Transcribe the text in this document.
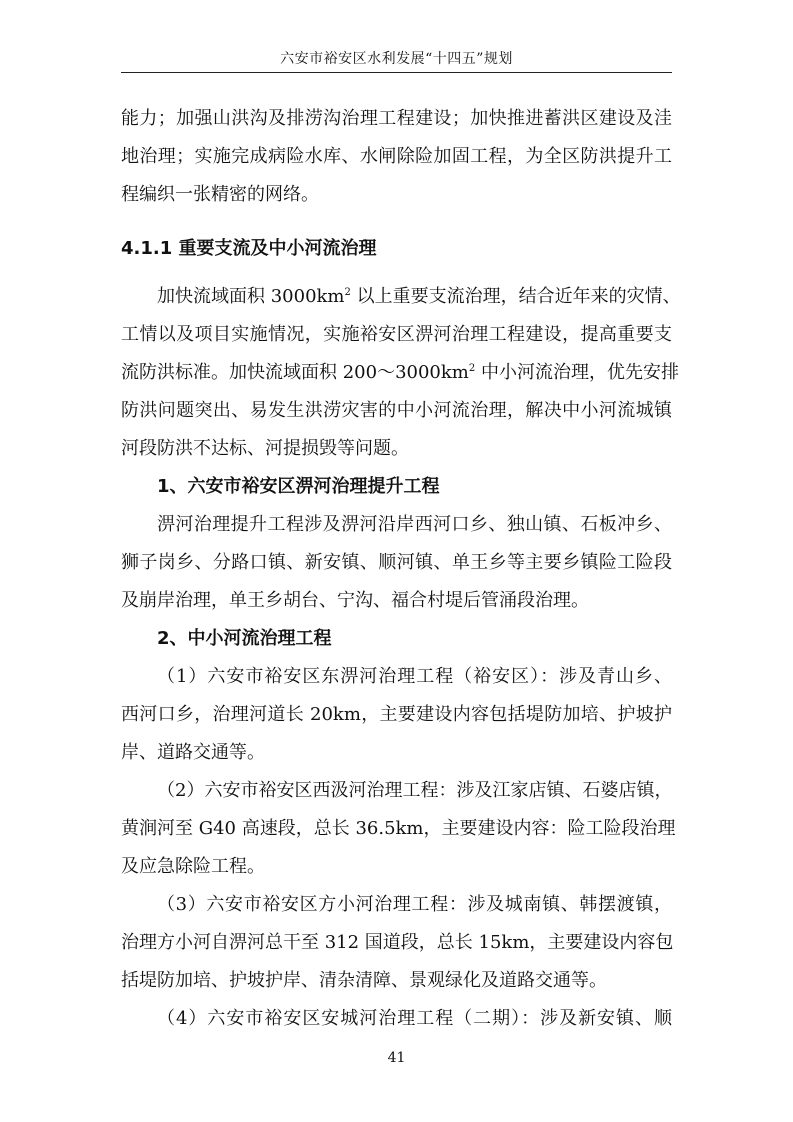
六安市裕安区水利发展“十四五”规划
能力；加强山洪沟及排涝沟治理工程建设；加快推进蓄洪区建设及洼
地治理；实施完成病险水库、水闸除险加固工程，为全区防洪提升工
程编织一张精密的网络。
4.1.1 重要支流及中小河流治理
加快流域面积 $3000km^2$ 以上重要支流治理，结合近年来的灾情、
工情以及项目实施情况，实施裕安区淠河治理工程建设，提高重要支
流防洪标准。加快流域面积 $200\sim 3000km^2$ 中小河流治理，优先安排
防洪问题突出、易发生洪涝灾害的中小河流治理，解决中小河流城镇
河段防洪不达标、河提损毁等问题。
1、六安市裕安区淠河治理提升工程
淠河治理提升工程涉及淠河沿岸西河口乡、独山镇、石板冲乡、
狮子岗乡、分路口镇、新安镇、顺河镇、单王乡等主要乡镇险工险段
及崩岸治理，单王乡胡台、宁沟、福合村堤后管涌段治理。
2、中小河流治理工程
（1）六安市裕安区东淠河治理工程（裕安区）：涉及青山乡、
西河口乡，治理河道长 20km，主要建设内容包括堤防加培、护坡护
岸、道路交通等。
（2）六安市裕安区西汲河治理工程：涉及江家店镇、石婆店镇，
黄涧河至 G40 高速段，总长 36.5km，主要建设内容：险工险段治理
及应急除险工程。
（3）六安市裕安区方小河治理工程：涉及城南镇、韩摆渡镇，
治理方小河自淠河总干至 312 国道段，总长 15km，主要建设内容包
括堤防加培、护坡护岸、清杂清障、景观绿化及道路交通等。
（4）六安市裕安区安城河治理工程（二期）：涉及新安镇、顺
41
